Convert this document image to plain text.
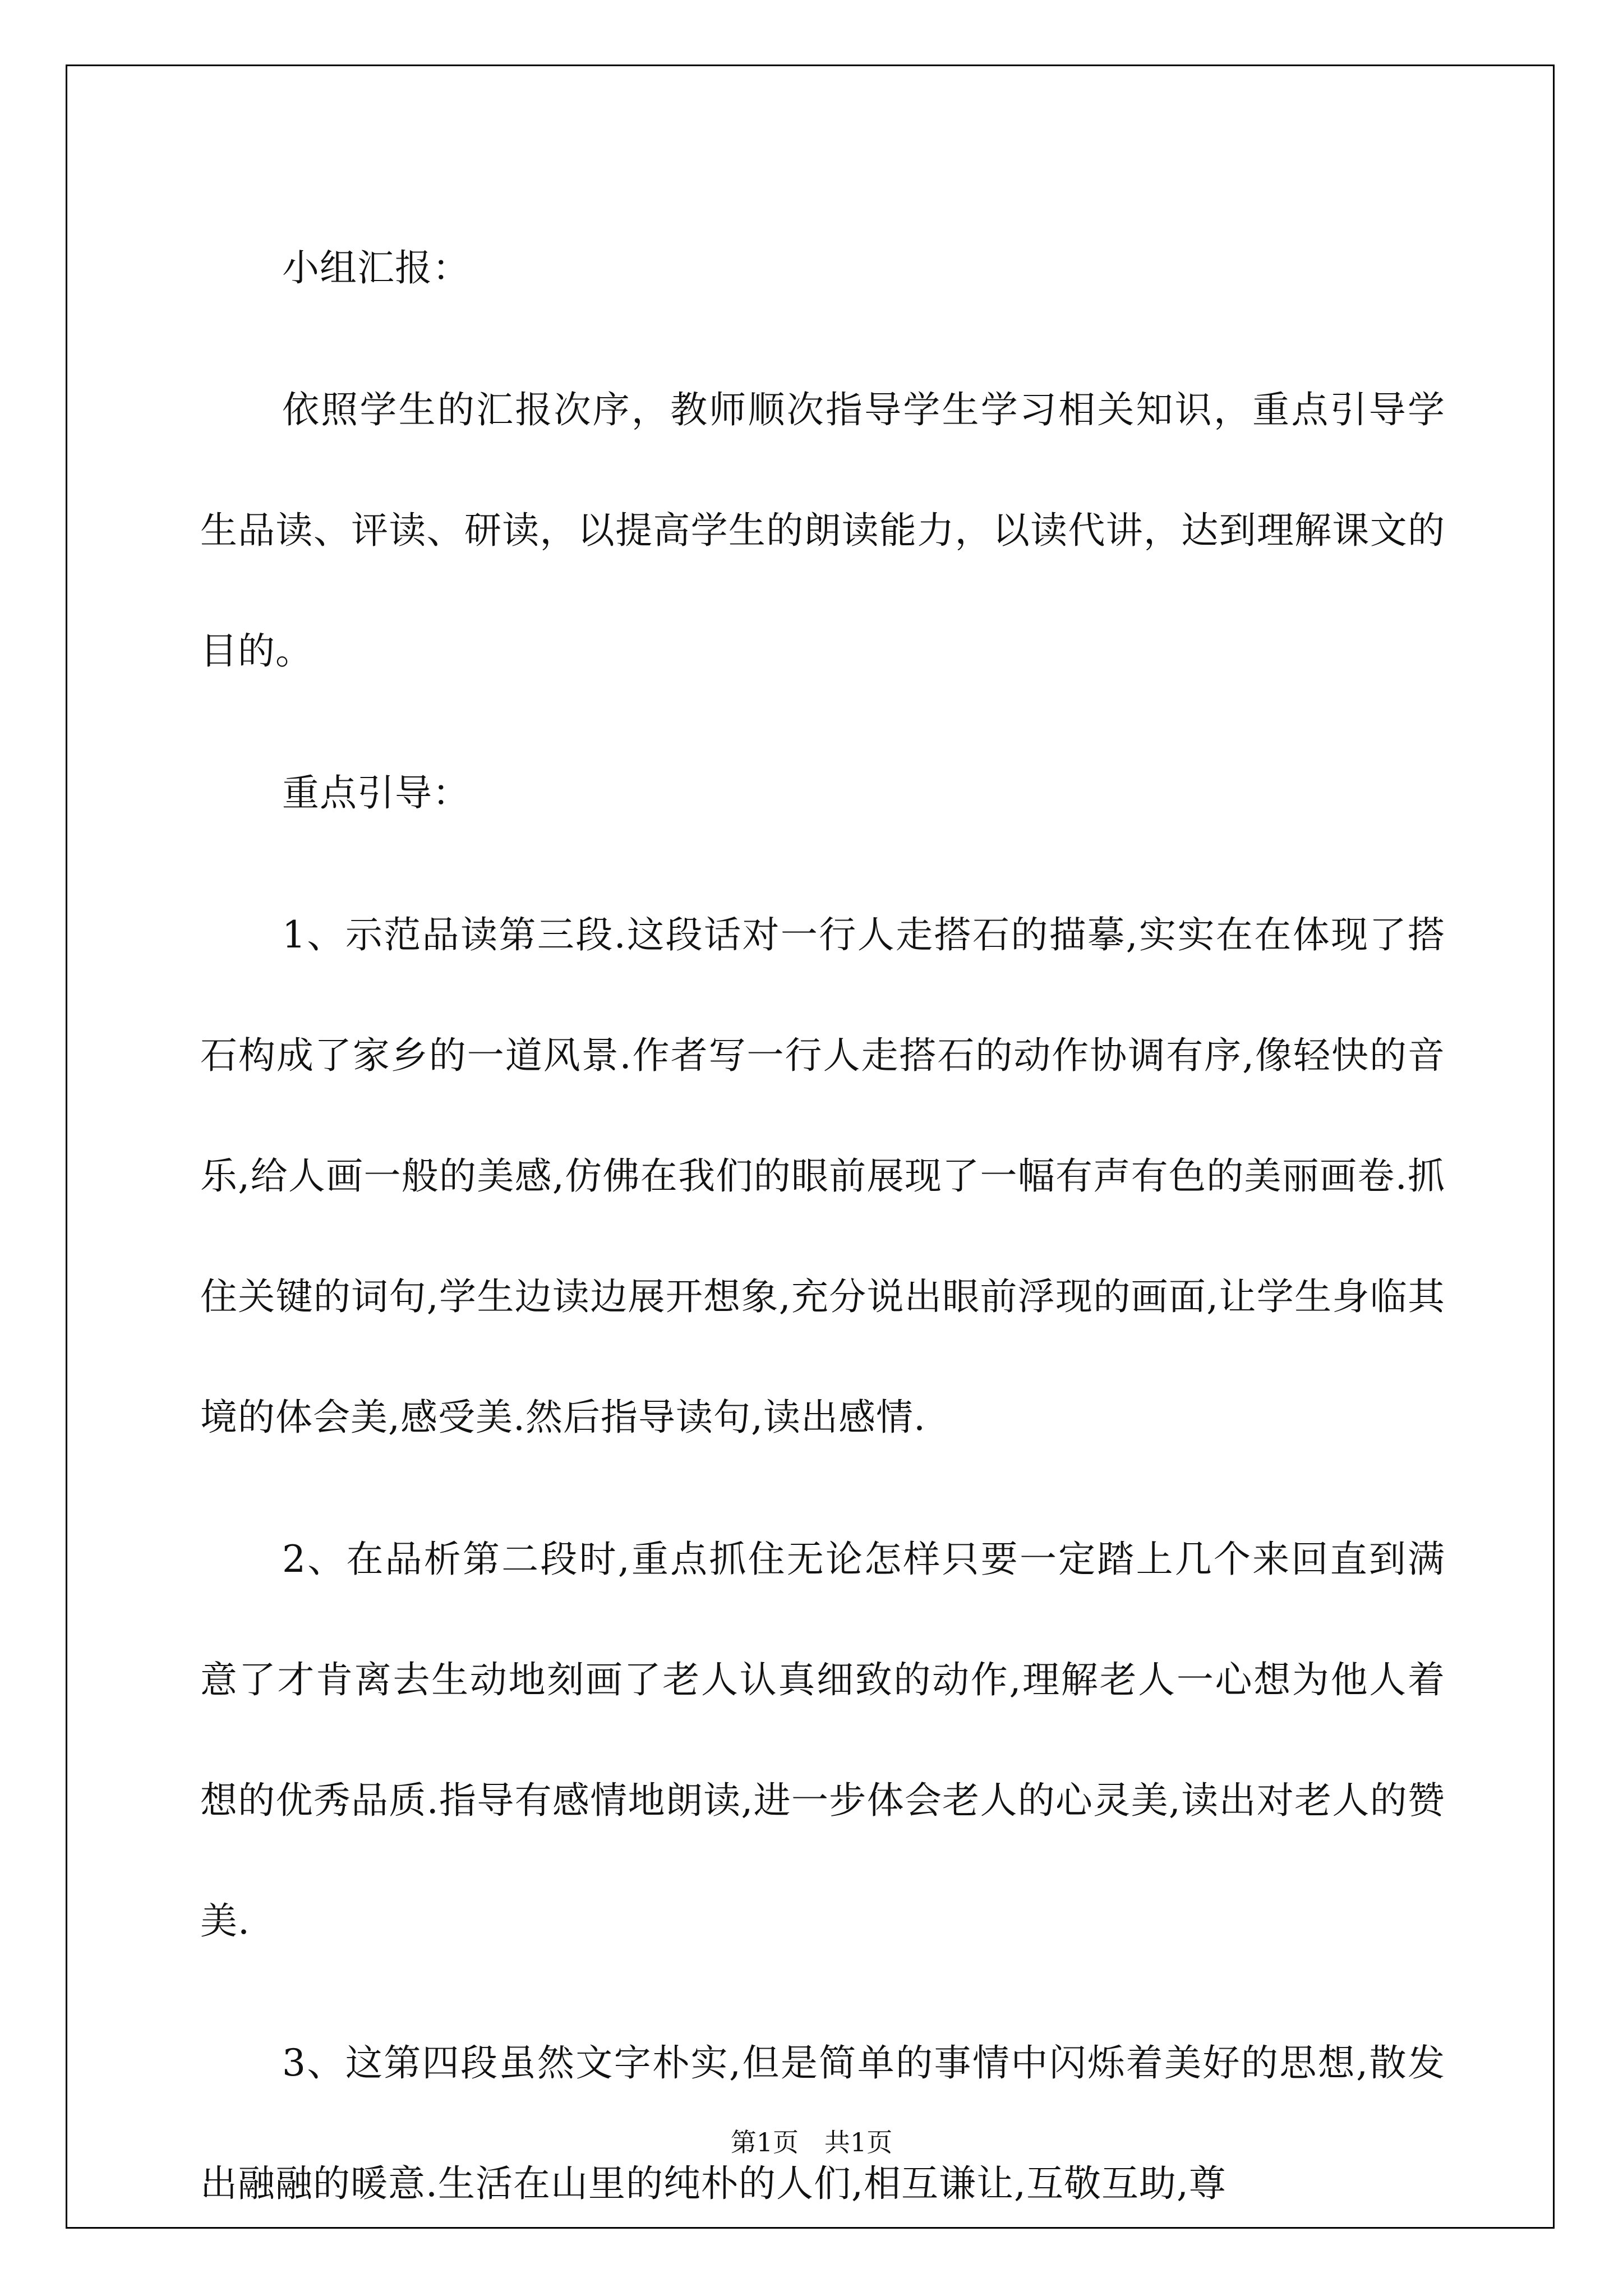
小组汇报：

依照学生的汇报次序，教师顺次指导学生学习相关知识，重点引导学生品读、评读、研读，以提高学生的朗读能力，以读代讲，达到理解课文的目的。

重点引导：

1、示范品读第三段.这段话对一行人走搭石的描摹,实实在在体现了搭石构成了家乡的一道风景.作者写一行人走搭石的动作协调有序,像轻快的音乐,给人画一般的美感,仿佛在我们的眼前展现了一幅有声有色的美丽画卷.抓住关键的词句,学生边读边展开想象,充分说出眼前浮现的画面,让学生身临其境的体会美,感受美.然后指导读句,读出感情.

2、在品析第二段时,重点抓住无论怎样只要一定踏上几个来回直到满意了才肯离去生动地刻画了老人认真细致的动作,理解老人一心想为他人着想的优秀品质.指导有感情地朗读,进一步体会老人的心灵美,读出对老人的赞美.

3、这第四段虽然文字朴实,但是简单的事情中闪烁着美好的思想,散发出融融的暖意.生活在山里的纯朴的人们,相互谦让,互敬互助,尊

第1页　共1页
